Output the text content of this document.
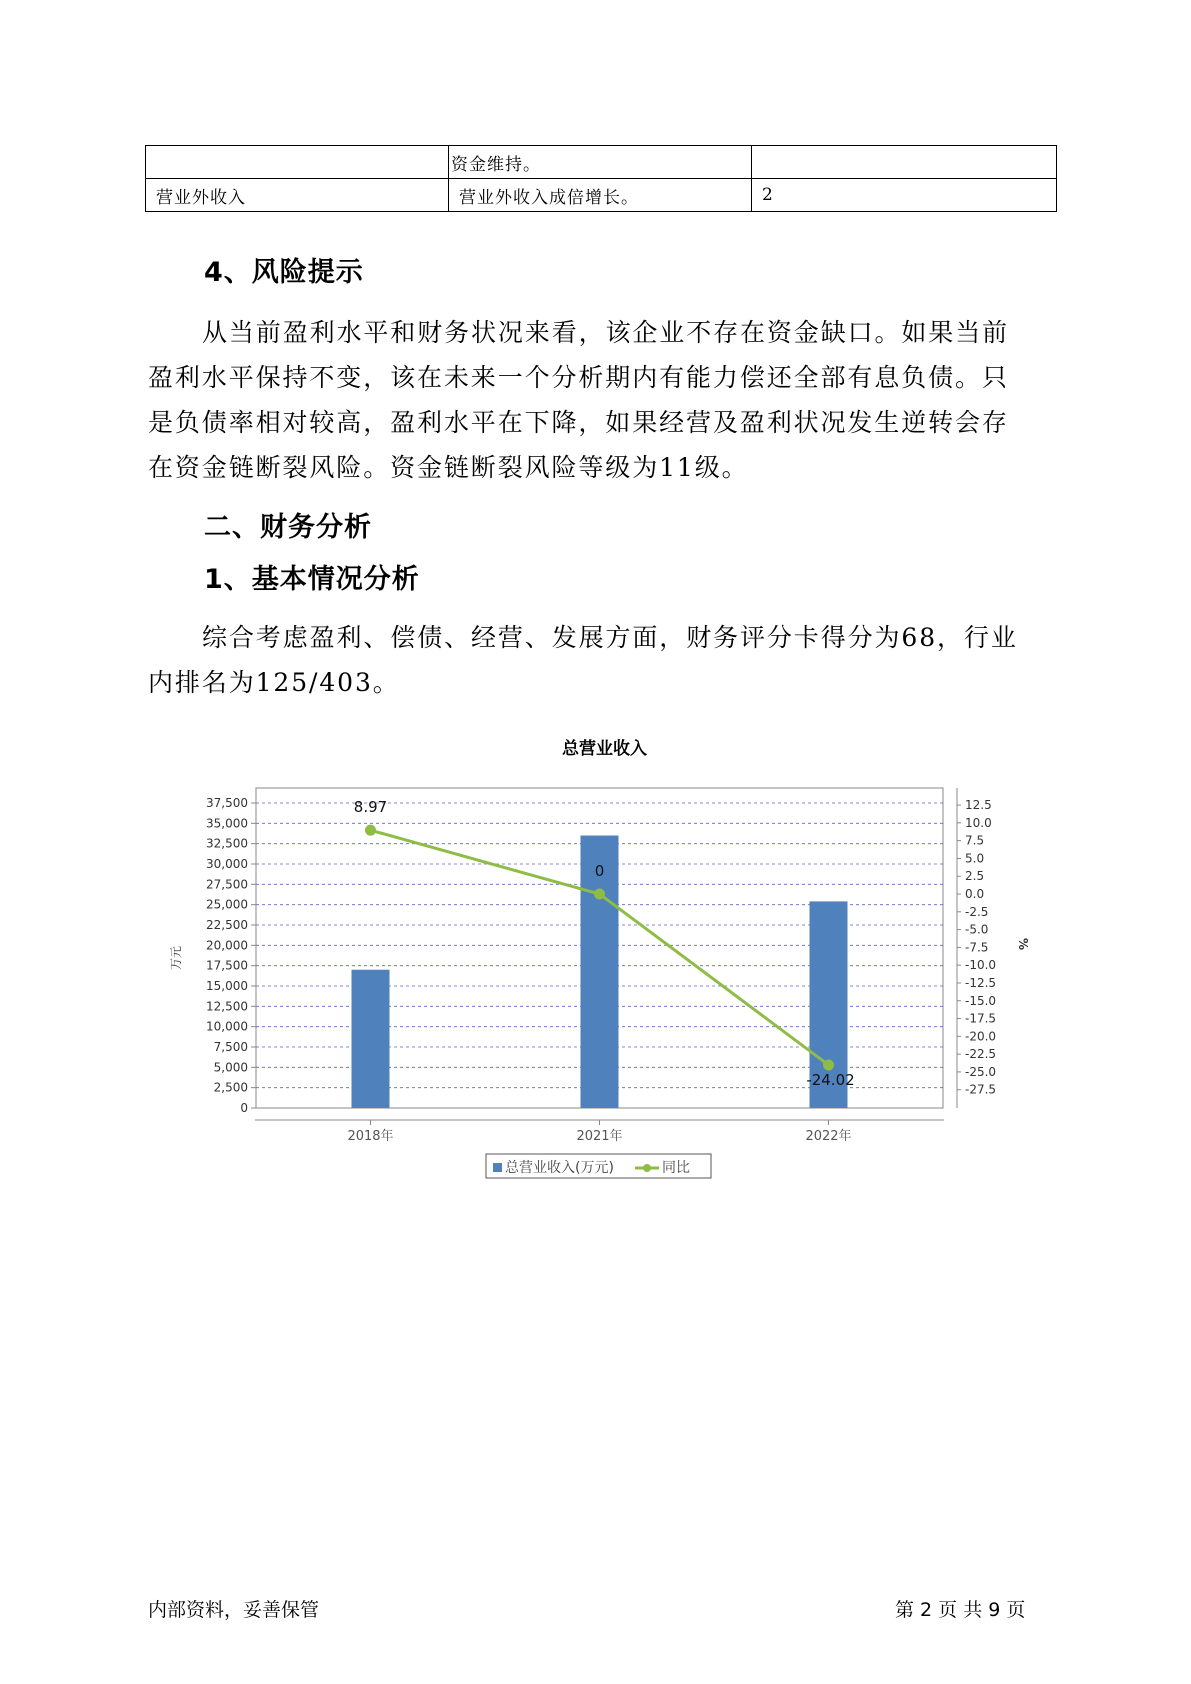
	资金维持。	
营业外收入	营业外收入成倍增长。	2
4、风险提示

从当前盈利水平和财务状况来看，该企业不存在资金缺口。如果当前
盈利水平保持不变，该在未来一个分析期内有能力偿还全部有息负债。只
是负债率相对较高，盈利水平在下降，如果经营及盈利状况发生逆转会存
在资金链断裂风险。资金链断裂风险等级为11级。

二、财务分析
1、基本情况分析

综合考虑盈利、偿债、经营、发展方面，财务评分卡得分为68，行业
内排名为125/403。

总营业收入
0
2,500
5,000
7,500
10,000
12,500
15,000
17,500
20,000
22,500
25,000
27,500
30,000
32,500
35,000
37,500
万元
12.5
10.0
7.5
5.0
2.5
0.0
-2.5
-5.0
-7.5
-10.0
-12.5
-15.0
-17.5
-20.0
-22.5
-25.0
-27.5
%
2018年	2021年	2022年
8.97
0
-24.02
总营业收入(万元)	同比
内部资料，妥善保管	第 2 页 共 9 页
